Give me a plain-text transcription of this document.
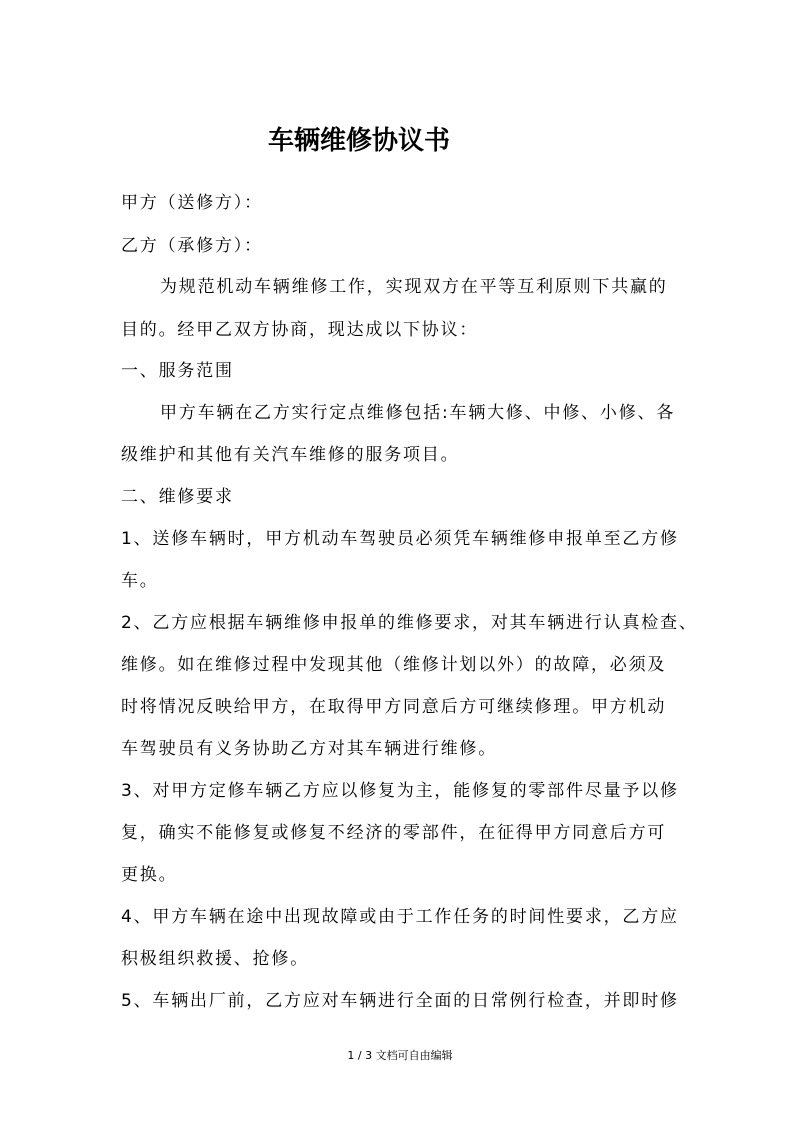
车辆维修协议书
甲方（送修方）：
乙方（承修方）：
为规范机动车辆维修工作，实现双方在平等互利原则下共赢的
目的。经甲乙双方协商，现达成以下协议：
一、服务范围
甲方车辆在乙方实行定点维修包括:车辆大修、中修、小修、各
级维护和其他有关汽车维修的服务项目。
二、维修要求
1、送修车辆时，甲方机动车驾驶员必须凭车辆维修申报单至乙方修
车。
2、乙方应根据车辆维修申报单的维修要求，对其车辆进行认真检查、
维修。如在维修过程中发现其他（维修计划以外）的故障，必须及
时将情况反映给甲方，在取得甲方同意后方可继续修理。甲方机动
车驾驶员有义务协助乙方对其车辆进行维修。
3、对甲方定修车辆乙方应以修复为主，能修复的零部件尽量予以修
复，确实不能修复或修复不经济的零部件，在征得甲方同意后方可
更换。
4、甲方车辆在途中出现故障或由于工作任务的时间性要求，乙方应
积极组织救援、抢修。
5、车辆出厂前，乙方应对车辆进行全面的日常例行检查，并即时修
1 / 3 文档可自由编辑
